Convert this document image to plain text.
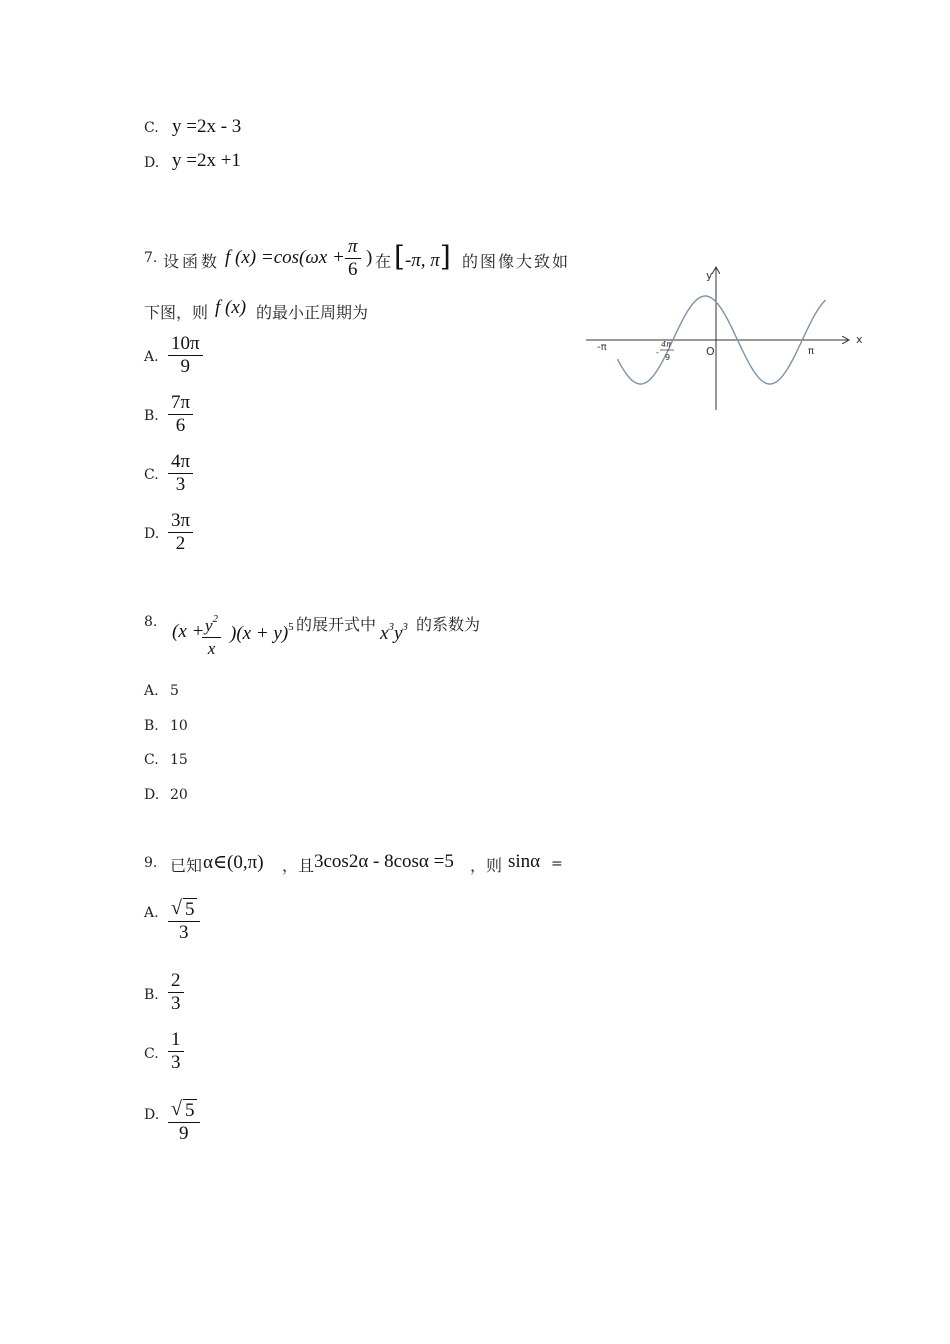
C. y =2x - 3
D. y =2x +1
7. 设函数 f (x) =cos(ωx +
π
6
) 在 [-π, π] 的图像大致如
下图，则 f (x) 的最小正周期为
A.
10π
9
B.
7π
6
C.
4π
3
D.
3π
2
y
x
O
-π	π
-
4π
9
8. ($x + y^2$
x
)$(x + y)^5$ 的展开式中 $x^3y^3$ 的系数为
A. 5
B. 10
C. 15
D. 20
9. 已知 α∈(0,π) ，且 3cos2α - 8cosα =5 ，则 sinα =
A. √ 5
3
B.
2
3
C.
1
3
D. √ 5
9
